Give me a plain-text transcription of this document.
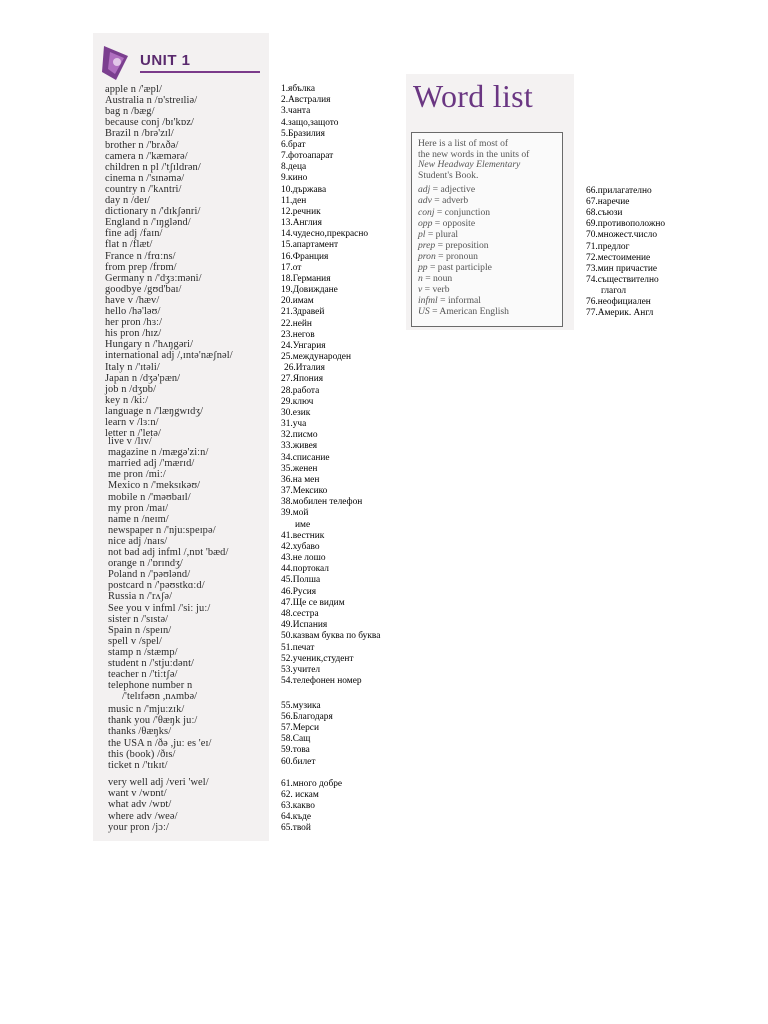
UNIT 1
apple n /'æpl/
Australia n /ɒ'streɪliə/
bag n /bæg/
because conj /bɪ'kɒz/
Brazil n /brə'zɪl/
brother n /'brʌðə/
camera n /'kæmərə/
children n pl /'tʃɪldrən/
cinema n /'sɪnəmə/
country n /'kʌntri/
day n /deɪ/
dictionary n /'dɪkʃənri/
England n /'ɪŋglənd/
fine adj /faɪn/
flat n /flæt/
France n /frɑːns/
from prep /frɒm/
Germany n /'dʒɜːməni/
goodbye /gʊd'baɪ/
have v /hæv/
hello /hə'ləʊ/
her pron /hɜː/
his pron /hɪz/
Hungary n /'hʌŋgəri/
international adj /,ɪntə'næʃnəl/
Italy n /'ɪtəli/
Japan n /dʒə'pæn/
job n /dʒɒb/
key n /kiː/
language n /'læŋgwɪdʒ/
learn v /lɜːn/
letter n /'letə/
live v /lɪv/
magazine n /mægə'ziːn/
married adj /'mærɪd/
me pron /miː/
Mexico n /'meksɪkəʊ/
mobile n /'məʊbaɪl/
my pron /maɪ/
name n /neɪm/
newspaper n /'njuːspeɪpə/
nice adj /naɪs/
not bad adj infml /,nɒt 'bæd/
orange n /'ɒrɪndʒ/
Poland n /'pəʊlənd/
postcard n /'pəʊstkɑːd/
Russia n /'rʌʃə/
See you v infml /'siː juː/
sister n /'sɪstə/
Spain n /speɪn/
spell v /spel/
stamp n /stæmp/
student n /'stjuːdənt/
teacher n /'tiːtʃə/
telephone number n
/'telɪfəʊn ,nʌmbə/
music n /'mjuːzɪk/
thank you /'θæŋk juː/
thanks /θæŋks/
the USA n /ðə ,juː es 'eɪ/
this (book) /ðɪs/
ticket n /'tɪkɪt/
very well adj /veri 'wel/
want v /wɒnt/
what adv /wɒt/
where adv /weə/
your pron /jɔː/
1.ябълка
2.Австралия
3.чанта
4.защо,защото
5.Бразилия
6.брат
7.фотоапарат
8.деца
9.кино
10.държава
11.ден
12.речник
13.Англия
14.чудесно,прекрасно
15.апартамент
16.Франция
17.от
18.Германия
19.Довиждане
20.имам
21.Здравей
22.нейн
23.негов
24.Унгария
25.международен
26.Италия
27.Япония
28.работа
29.ключ
30.език
31.уча
32.писмо
33.живея
34.списание
35.женен
36.на мен
37.Мексико
38.мобилен телефон
39.мой
име
41.вестник
42.хубаво
43.не лошо
44.портокал
45.Полша
46.Русия
47.Ще се видим
48.сестра
49.Испания
50.казвам буква по буква
51.печат
52.ученик,студент
53.учител
54.телефонен номер
55.музика
56.Благодаря
57.Мерси
58.Сащ
59.това
60.билет
61.много добре
62. искам
63.какво
64.къде
65.твой
66.прилагателно
67.наречие
68.съюзи
69.противоположно
70.множест.число
71.предлог
72.местоимение
73.мин причастие
74.съществително
глагол
76.неофициален
77.Америк. Англ
Word list
Here is a list of most of
the new words in the units of
New Headway Elementary
Student's Book.
adj = adjective
adv = adverb
conj = conjunction
opp = opposite
pl = plural
prep = preposition
pron = pronoun
pp = past participle
n = noun
v = verb
infml = informal
US = American English
